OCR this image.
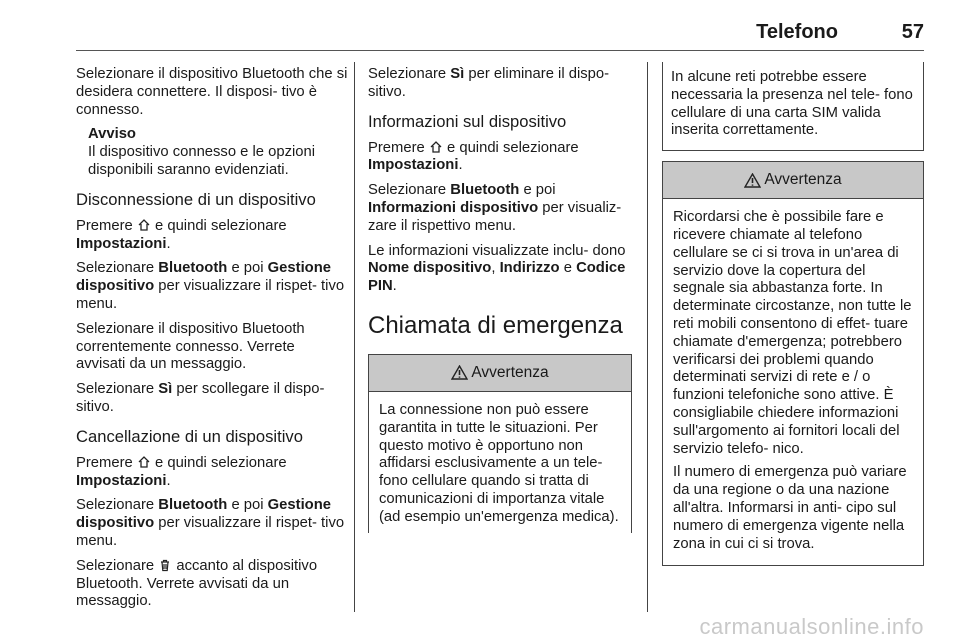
Telefono	57

Selezionare il dispositivo Bluetooth che si desidera connettere. Il disposi- tivo è connesso.

Avviso
Il dispositivo connesso e le opzioni disponibili saranno evidenziati.
Disconnessione di un dispositivo

Premere e quindi selezionare Impostazioni.

Selezionare Bluetooth e poi Gestione dispositivo per visualizzare il rispet- tivo menu.

Selezionare il dispositivo Bluetooth correntemente connesso. Verrete avvisati da un messaggio.

Selezionare Sì per scollegare il dispo- sitivo.

Cancellazione di un dispositivo

Premere e quindi selezionare Impostazioni.

Selezionare Bluetooth e poi Gestione dispositivo per visualizzare il rispet- tivo menu.

Selezionare accanto al dispositivo Bluetooth. Verrete avvisati da un messaggio.

Selezionare Sì per eliminare il dispo- sitivo.

Informazioni sul dispositivo

Premere e quindi selezionare Impostazioni.

Selezionare Bluetooth e poi Informazioni dispositivo per visualiz- zare il rispettivo menu.

Le informazioni visualizzate inclu- dono Nome dispositivo, Indirizzo e Codice PIN.

Chiamata di emergenza
Avvertenza
La connessione non può essere garantita in tutte le situazioni. Per questo motivo è opportuno non affidarsi esclusivamente a un tele- fono cellulare quando si tratta di comunicazioni di importanza vitale (ad esempio un'emergenza medica).
In alcune reti potrebbe essere necessaria la presenza nel tele- fono cellulare di una carta SIM valida inserita correttamente.
Avvertenza

Ricordarsi che è possibile fare e ricevere chiamate al telefono cellulare se ci si trova in un'area di servizio dove la copertura del segnale sia abbastanza forte. In determinate circostanze, non tutte le reti mobili consentono di effet- tuare chiamate d'emergenza; potrebbero verificarsi dei problemi quando determinati servizi di rete e / o funzioni telefoniche sono attive. È consigliabile chiedere informazioni sull'argomento ai fornitori locali del servizio telefo- nico.

Il numero di emergenza può variare da una regione o da una nazione all'altra. Informarsi in anti- cipo sul numero di emergenza vigente nella zona in cui ci si trova.

carmanualsonline.info
